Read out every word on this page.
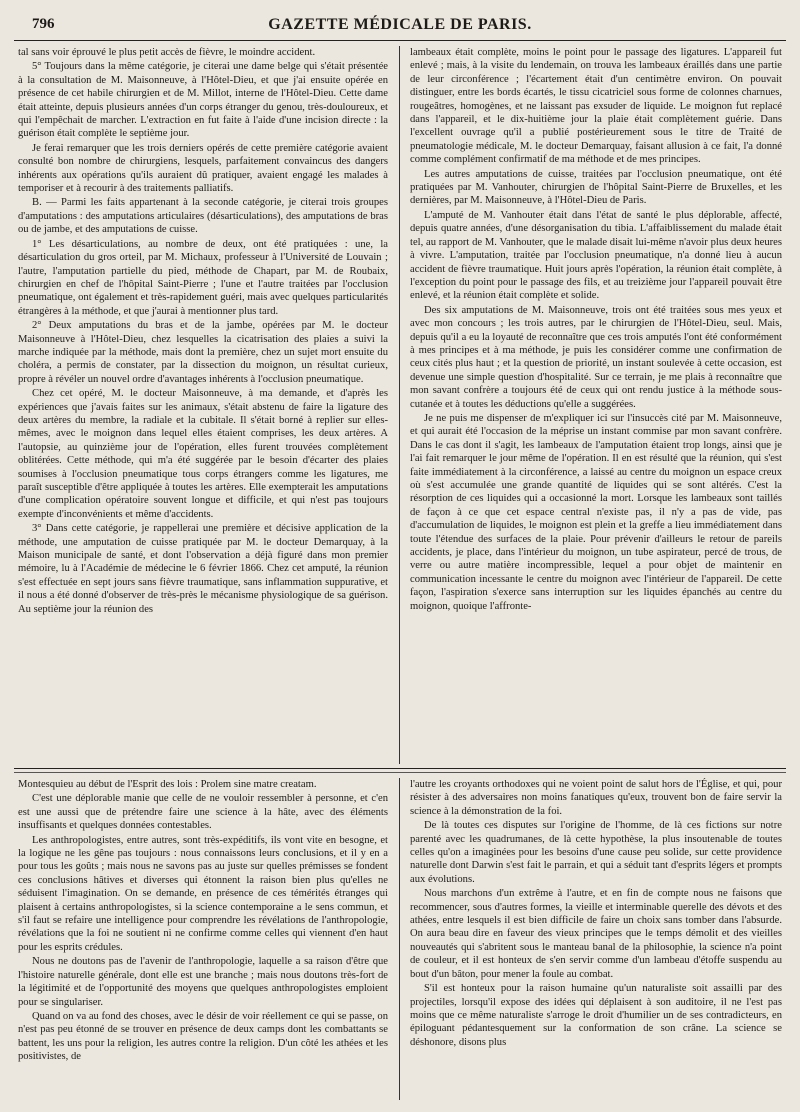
796	GAZETTE MÉDICALE DE PARIS.

tal sans voir éprouvé le plus petit accès de fièvre, le moindre accident.

5° Toujours dans la même catégorie, je citerai une dame belge qui s'était présentée à la consultation de M. Maisonneuve, à l'Hôtel-Dieu, et que j'ai ensuite opérée en présence de cet habile chirurgien et de M. Millot, interne de l'Hôtel-Dieu. Cette dame était atteinte, depuis plusieurs années d'un corps étranger du genou, très-douloureux, et qui l'empêchait de marcher. L'extraction en fut faite à l'aide d'une incision directe : la guérison était complète le septième jour.

Je ferai remarquer que les trois derniers opérés de cette première catégorie avaient consulté bon nombre de chirurgiens, lesquels, parfaitement convaincus des dangers inhérents aux opérations qu'ils auraient dû pratiquer, avaient engagé les malades à temporiser et à recourir à des traitements palliatifs.

B. — Parmi les faits appartenant à la seconde catégorie, je citerai trois groupes d'amputations : des amputations articulaires (désarticulations), des amputations de bras ou de jambe, et des amputations de cuisse.

1° Les désarticulations, au nombre de deux, ont été pratiquées : une, la désarticulation du gros orteil, par M. Michaux, professeur à l'Université de Louvain ; l'autre, l'amputation partielle du pied, méthode de Chapart, par M. de Roubaix, chirurgien en chef de l'hôpital Saint-Pierre ; l'une et l'autre traitées par l'occlusion pneumatique, ont également et très-rapidement guéri, mais avec quelques particularités étrangères à la méthode, et que j'aurai à mentionner plus tard.

2° Deux amputations du bras et de la jambe, opérées par M. le docteur Maisonneuve à l'Hôtel-Dieu, chez lesquelles la cicatrisation des plaies a suivi la marche indiquée par la méthode, mais dont la première, chez un sujet mort ensuite du choléra, a permis de constater, par la dissection du moignon, un résultat curieux, propre à révéler un nouvel ordre d'avantages inhérents à l'occlusion pneumatique.

Chez cet opéré, M. le docteur Maisonneuve, à ma demande, et d'après les expériences que j'avais faites sur les animaux, s'était abstenu de faire la ligature des deux artères du membre, la radiale et la cubitale. Il s'était borné à replier sur elles-mêmes, avec le moignon dans lequel elles étaient comprises, les deux artères. A l'autopsie, au quinzième jour de l'opération, elles furent trouvées complètement oblitérées. Cette méthode, qui m'a été suggérée par le besoin d'écarter des plaies soumises à l'occlusion pneumatique tous corps étrangers comme les ligatures, me paraît susceptible d'être appliquée à toutes les artères. Elle exempterait les amputations d'une complication opératoire souvent longue et difficile, et qui n'est pas toujours exempte d'inconvénients et même d'accidents.

3° Dans cette catégorie, je rappellerai une première et décisive application de la méthode, une amputation de cuisse pratiquée par M. le docteur Demarquay, à la Maison municipale de santé, et dont l'observation a déjà figuré dans mon premier mémoire, lu à l'Académie de médecine le 6 février 1866. Chez cet amputé, la réunion s'est effectuée en sept jours sans fièvre traumatique, sans inflammation suppurative, et il nous a été donné d'observer de très-près le mécanisme physiologique de sa guérison. Au septième jour la réunion des

lambeaux était complète, moins le point pour le passage des ligatures. L'appareil fut enlevé ; mais, à la visite du lendemain, on trouva les lambeaux éraillés dans une partie de leur circonférence ; l'écartement était d'un centimètre environ. On pouvait distinguer, entre les bords écartés, le tissu cicatriciel sous forme de colonnes charnues, rougeâtres, homogènes, et ne laissant pas exsuder de liquide. Le moignon fut replacé dans l'appareil, et le dix-huitième jour la plaie était complètement guérie. Dans l'excellent ouvrage qu'il a publié postérieurement sous le titre de Traité de pneumatologie médicale, M. le docteur Demarquay, faisant allusion à ce fait, l'a donné comme complément confirmatif de ma méthode et de mes principes.

Les autres amputations de cuisse, traitées par l'occlusion pneumatique, ont été pratiquées par M. Vanhouter, chirurgien de l'hôpital Saint-Pierre de Bruxelles, et les dernières, par M. Maisonneuve, à l'Hôtel-Dieu de Paris.

L'amputé de M. Vanhouter était dans l'état de santé le plus déplorable, affecté, depuis quatre années, d'une désorganisation du tibia. L'affaiblissement du malade était tel, au rapport de M. Vanhouter, que le malade disait lui-même n'avoir plus deux heures à vivre. L'amputation, traitée par l'occlusion pneumatique, n'a donné lieu à aucun accident de fièvre traumatique. Huit jours après l'opération, la réunion était complète, à l'exception du point pour le passage des fils, et au treizième jour l'appareil pouvait être enlevé, et la réunion était complète et solide.

Des six amputations de M. Maisonneuve, trois ont été traitées sous mes yeux et avec mon concours ; les trois autres, par le chirurgien de l'Hôtel-Dieu, seul. Mais, depuis qu'il a eu la loyauté de reconnaître que ces trois amputés l'ont été conformément à mes principes et à ma méthode, je puis les considérer comme une confirmation de ceux cités plus haut ; et la question de priorité, un instant soulevée à cette occasion, est devenue une simple question d'hospitalité. Sur ce terrain, je me plais à reconnaître que mon savant confrère a toujours été de ceux qui ont rendu justice à la méthode sous-cutanée et à toutes les déductions qu'elle a suggérées.

Je ne puis me dispenser de m'expliquer ici sur l'insuccès cité par M. Maisonneuve, et qui aurait été l'occasion de la méprise un instant commise par mon savant confrère. Dans le cas dont il s'agit, les lambeaux de l'amputation étaient trop longs, ainsi que je l'ai fait remarquer le jour même de l'opération. Il en est résulté que la réunion, qui s'est faite immédiatement à la circonférence, a laissé au centre du moignon un espace creux où s'est accumulée une grande quantité de liquides qui se sont altérés. C'est la résorption de ces liquides qui a occasionné la mort. Lorsque les lambeaux sont taillés de façon à ce que cet espace central n'existe pas, il n'y a pas de vide, pas d'accumulation de liquides, le moignon est plein et la greffe a lieu immédiatement dans toute l'étendue des surfaces de la plaie. Pour prévenir d'ailleurs le retour de pareils accidents, je place, dans l'intérieur du moignon, un tube aspirateur, percé de trous, de verre ou autre matière incompressible, lequel a pour objet de maintenir en communication incessante le centre du moignon avec l'intérieur de l'appareil. De cette façon, l'aspiration s'exerce sans interruption sur les liquides épanchés au centre du moignon, quoique l'affronte-

Montesquieu au début de l'Esprit des lois : Prolem sine matre creatam.

C'est une déplorable manie que celle de ne vouloir ressembler à personne, et c'en est une aussi que de prétendre faire une science à la hâte, avec des éléments insuffisants et quelques données contestables.

Les anthropologistes, entre autres, sont très-expéditifs, ils vont vite en besogne, et la logique ne les gêne pas toujours : nous connaissons leurs conclusions, et il y en a pour tous les goûts ; mais nous ne savons pas au juste sur quelles prémisses se fondent ces conclusions hâtives et diverses qui étonnent la raison bien plus qu'elles ne séduisent l'imagination. On se demande, en présence de ces témérités étranges qui plaisent à certains anthropologistes, si la science contemporaine a le sens commun, et s'il faut se refaire une intelligence pour comprendre les révélations de l'anthropologie, révélations que la foi ne soutient ni ne confirme comme celles qui viennent d'en haut pour les esprits crédules.

Nous ne doutons pas de l'avenir de l'anthropologie, laquelle a sa raison d'être que l'histoire naturelle générale, dont elle est une branche ; mais nous doutons très-fort de la légitimité et de l'opportunité des moyens que quelques anthropologistes emploient pour se singulariser.

Quand on va au fond des choses, avec le désir de voir réellement ce qui se passe, on n'est pas peu étonné de se trouver en présence de deux camps dont les combattants se battent, les uns pour la religion, les autres contre la religion. D'un côté les athées et les positivistes, de

l'autre les croyants orthodoxes qui ne voient point de salut hors de l'Église, et qui, pour résister à des adversaires non moins fanatiques qu'eux, trouvent bon de faire servir la science à la démonstration de la foi.

De là toutes ces disputes sur l'origine de l'homme, de là ces fictions sur notre parenté avec les quadrumanes, de là cette hypothèse, la plus insoutenable de toutes celles qu'on a imaginées pour les besoins d'une cause peu solide, sur cette providence naturelle dont Darwin s'est fait le parrain, et qui a séduit tant d'esprits légers et prompts aux évolutions.

Nous marchons d'un extrême à l'autre, et en fin de compte nous ne faisons que recommencer, sous d'autres formes, la vieille et interminable querelle des dévots et des athées, entre lesquels il est bien difficile de faire un choix sans tomber dans l'absurde. On aura beau dire en faveur des vieux principes que le temps démolit et des vieilles nouveautés qui s'abritent sous le manteau banal de la philosophie, la science n'a point de couleur, et il est honteux de s'en servir comme d'un lambeau d'étoffe suspendu au bout d'un bâton, pour mener la foule au combat.

S'il est honteux pour la raison humaine qu'un naturaliste soit assailli par des projectiles, lorsqu'il expose des idées qui déplaisent à son auditoire, il ne l'est pas moins que ce même naturaliste s'arroge le droit d'humilier un de ses contradicteurs, en épiloguant pédantesquement sur la conformation de son crâne. La science se déshonore, disons plus
